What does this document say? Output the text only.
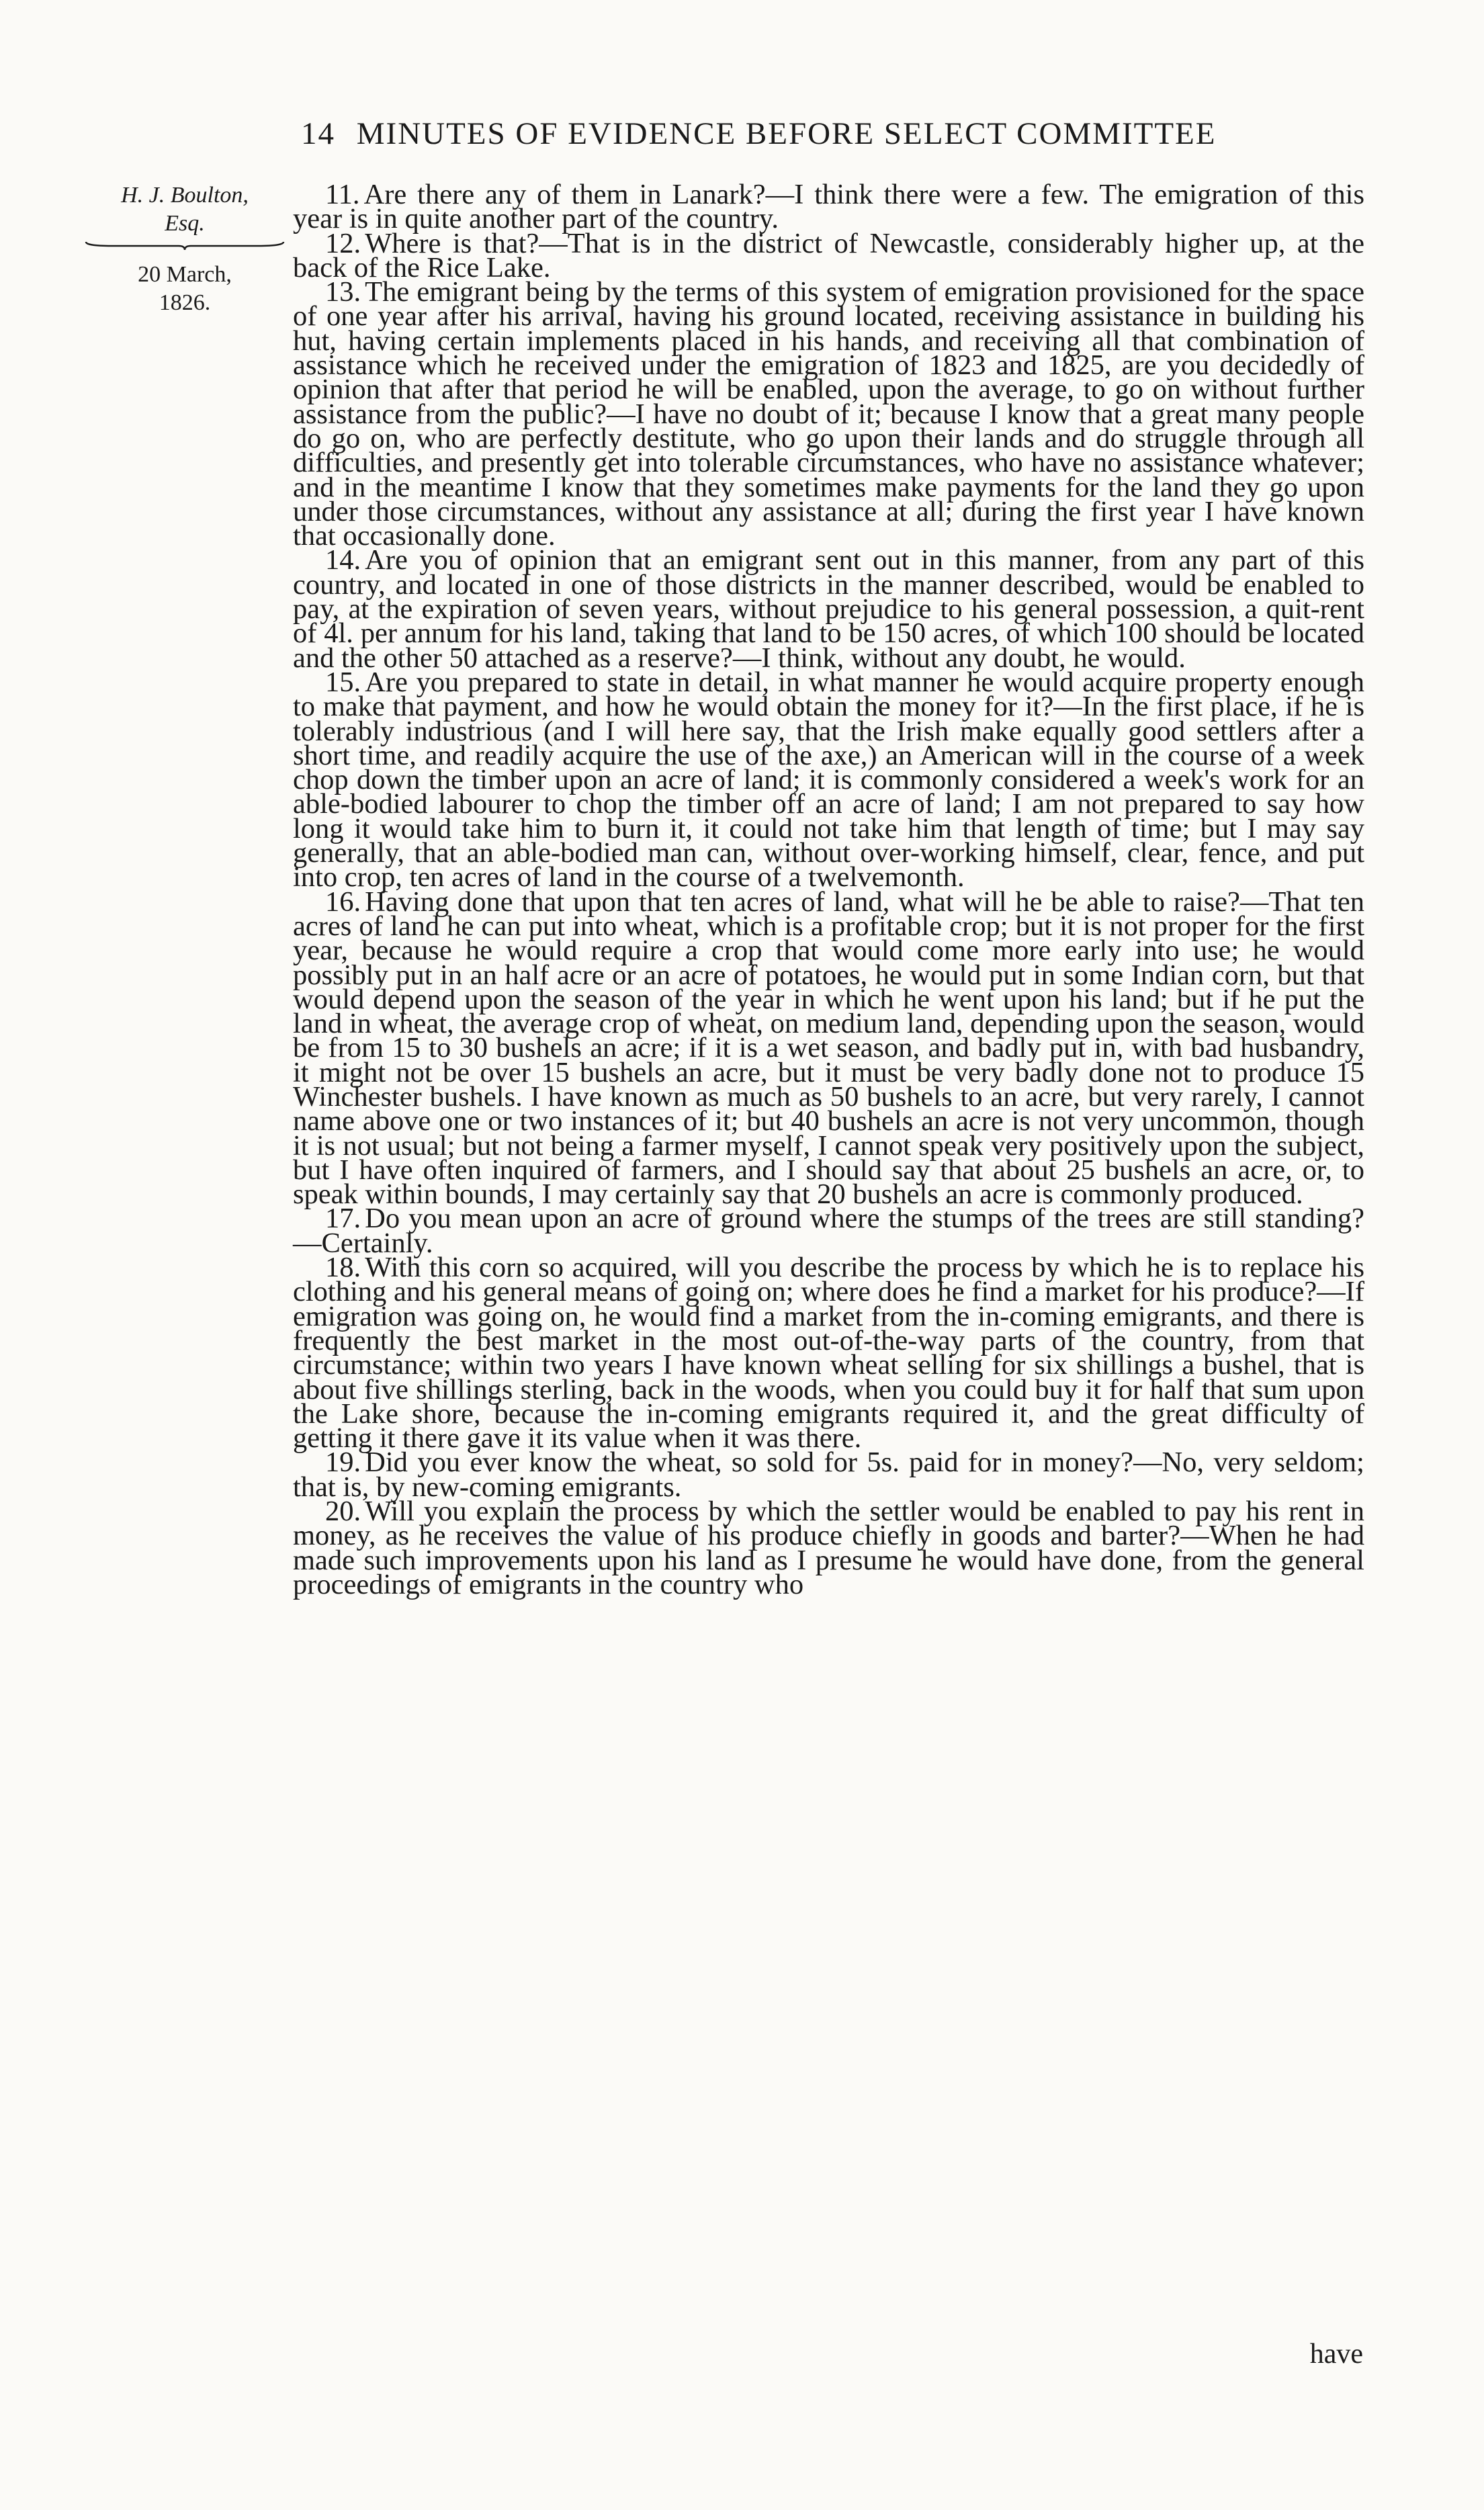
14 MINUTES OF EVIDENCE BEFORE SELECT COMMITTEE
H. J. Boulton,
Esq.
20 March,
1826.

11. Are there any of them in Lanark?—I think there were a few. The emigration of this year is in quite another part of the country.

12. Where is that?—That is in the district of Newcastle, considerably higher up, at the back of the Rice Lake.

13. The emigrant being by the terms of this system of emigration provisioned for the space of one year after his arrival, having his ground located, receiving assistance in building his hut, having certain implements placed in his hands, and receiving all that combination of assistance which he received under the emigration of 1823 and 1825, are you decidedly of opinion that after that period he will be enabled, upon the average, to go on without further assistance from the public?—I have no doubt of it; because I know that a great many people do go on, who are perfectly destitute, who go upon their lands and do struggle through all difficulties, and presently get into tolerable circumstances, who have no assistance whatever; and in the meantime I know that they sometimes make payments for the land they go upon under those circumstances, without any assistance at all; during the first year I have known that occasionally done.

14. Are you of opinion that an emigrant sent out in this manner, from any part of this country, and located in one of those districts in the manner described, would be enabled to pay, at the expiration of seven years, without prejudice to his general possession, a quit-rent of 4l. per annum for his land, taking that land to be 150 acres, of which 100 should be located and the other 50 attached as a reserve?—I think, without any doubt, he would.

15. Are you prepared to state in detail, in what manner he would acquire property enough to make that payment, and how he would obtain the money for it?—In the first place, if he is tolerably industrious (and I will here say, that the Irish make equally good settlers after a short time, and readily acquire the use of the axe,) an American will in the course of a week chop down the timber upon an acre of land; it is commonly considered a week's work for an able-bodied labourer to chop the timber off an acre of land; I am not prepared to say how long it would take him to burn it, it could not take him that length of time; but I may say generally, that an able-bodied man can, without over-working himself, clear, fence, and put into crop, ten acres of land in the course of a twelvemonth.

16. Having done that upon that ten acres of land, what will he be able to raise?—That ten acres of land he can put into wheat, which is a profitable crop; but it is not proper for the first year, because he would require a crop that would come more early into use; he would possibly put in an half acre or an acre of potatoes, he would put in some Indian corn, but that would depend upon the season of the year in which he went upon his land; but if he put the land in wheat, the average crop of wheat, on medium land, depending upon the season, would be from 15 to 30 bushels an acre; if it is a wet season, and badly put in, with bad husbandry, it might not be over 15 bushels an acre, but it must be very badly done not to produce 15 Winchester bushels. I have known as much as 50 bushels to an acre, but very rarely, I cannot name above one or two instances of it; but 40 bushels an acre is not very uncommon, though it is not usual; but not being a farmer myself, I cannot speak very positively upon the subject, but I have often inquired of farmers, and I should say that about 25 bushels an acre, or, to speak within bounds, I may certainly say that 20 bushels an acre is commonly produced.

17. Do you mean upon an acre of ground where the stumps of the trees are still standing?—Certainly.

18. With this corn so acquired, will you describe the process by which he is to replace his clothing and his general means of going on; where does he find a market for his produce?—If emigration was going on, he would find a market from the in-coming emigrants, and there is frequently the best market in the most out-of-the-way parts of the country, from that circumstance; within two years I have known wheat selling for six shillings a bushel, that is about five shillings sterling, back in the woods, when you could buy it for half that sum upon the Lake shore, because the in-coming emigrants required it, and the great difficulty of getting it there gave it its value when it was there.

19. Did you ever know the wheat, so sold for 5s. paid for in money?—No, very seldom; that is, by new-coming emigrants.

20. Will you explain the process by which the settler would be enabled to pay his rent in money, as he receives the value of his produce chiefly in goods and barter?—When he had made such improvements upon his land as I presume he would have done, from the general proceedings of emigrants in the country who

have
